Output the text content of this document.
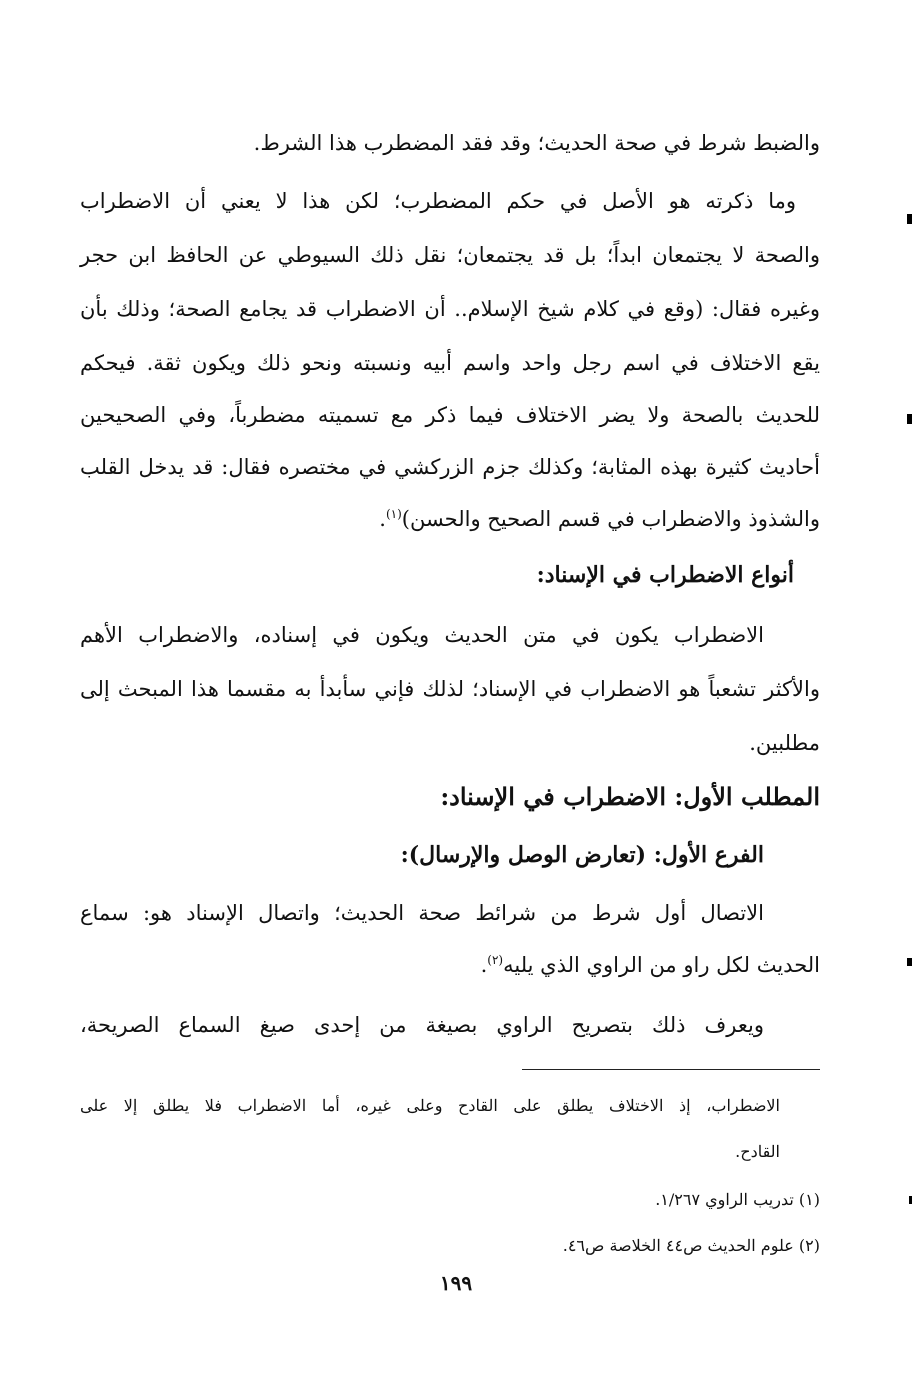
والضبط شرط في صحة الحديث؛ وقد فقد المضطرب هذا الشرط.
وما ذكرته هو الأصل في حكم المضطرب؛ لكن هذا لا يعني أن الاضطراب
والصحة لا يجتمعان ابداً؛ بل قد يجتمعان؛ نقل ذلك السيوطي عن الحافظ ابن حجر
وغيره فقال: (وقع في كلام شيخ الإسلام.. أن الاضطراب قد يجامع الصحة؛ وذلك بأن
يقع الاختلاف في اسم رجل واحد واسم أبيه ونسبته ونحو ذلك ويكون ثقة. فيحكم
للحديث بالصحة ولا يضر الاختلاف فيما ذكر مع تسميته مضطرباً، وفي الصحيحين
أحاديث كثيرة بهذه المثابة؛ وكذلك جزم الزركشي في مختصره فقال: قد يدخل القلب
والشذوذ والاضطراب في قسم الصحيح والحسن)$^{(١)}$.
أنواع الاضطراب في الإسناد:
الاضطراب يكون في متن الحديث ويكون في إسناده، والاضطراب الأهم
والأكثر تشعباً هو الاضطراب في الإسناد؛ لذلك فإني سأبدأ به مقسما هذا المبحث إلى
مطلبين.
المطلب الأول: الاضطراب في الإسناد:
الفرع الأول: (تعارض الوصل والإرسال):
الاتصال أول شرط من شرائط صحة الحديث؛ واتصال الإسناد هو: سماع
الحديث لكل راو من الراوي الذي يليه$^{(٢)}$.
ويعرف ذلك بتصريح الراوي بصيغة من إحدى صيغ السماع الصريحة،
الاضطراب، إذ الاختلاف يطلق على القادح وعلى غيره، أما الاضطراب فلا يطلق إلا على
القادح.
(١) تدريب الراوي ١/٢٦٧.
(٢) علوم الحديث ص٤٤ الخلاصة ص٤٦.
١٩٩
